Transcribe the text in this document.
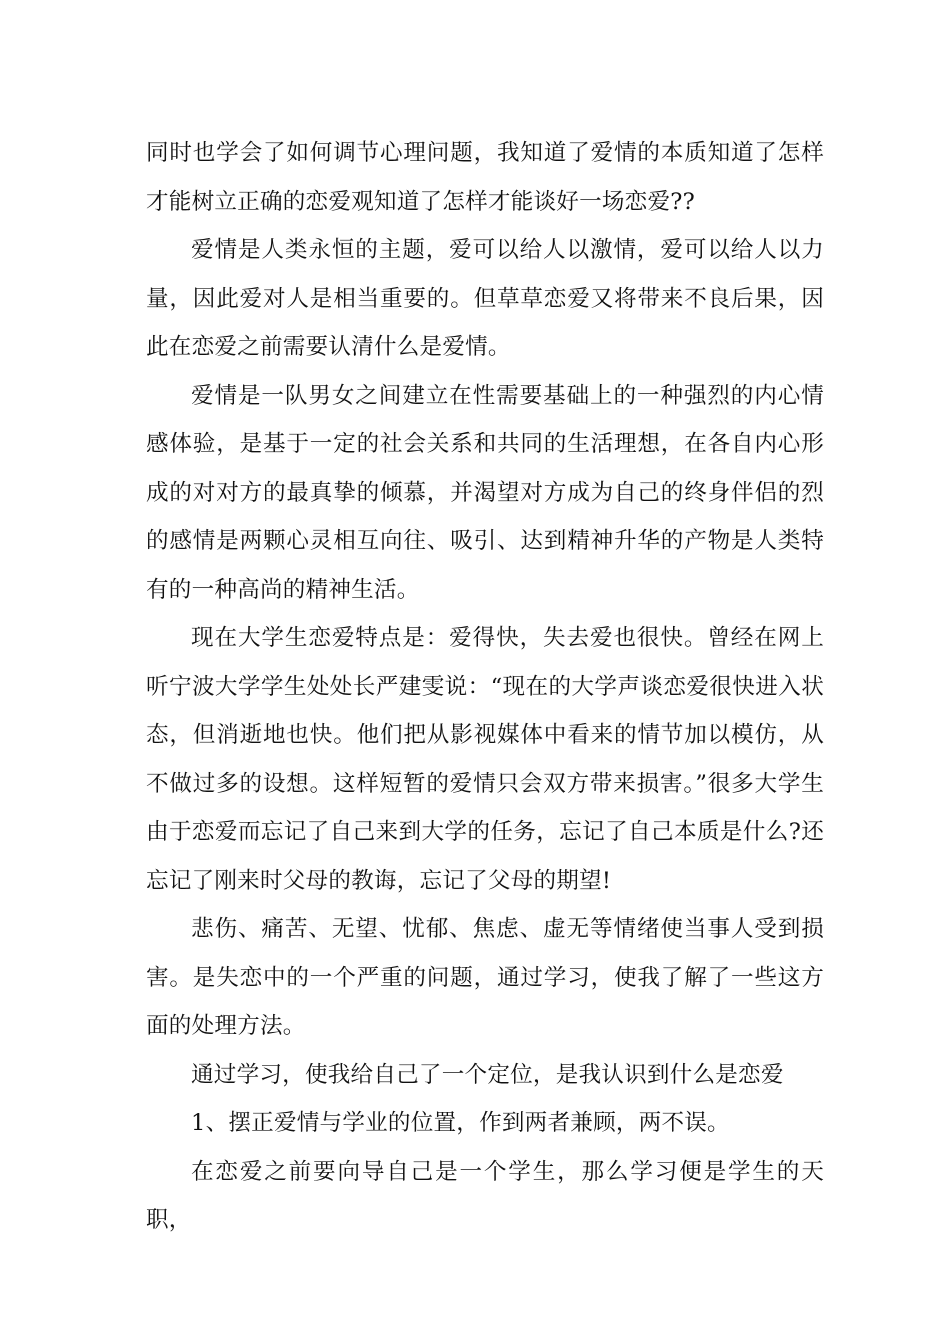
同时也学会了如何调节心理问题，我知道了爱情的本质知道了怎样才能树立正确的恋爱观知道了怎样才能谈好一场恋爱??

爱情是人类永恒的主题，爱可以给人以激情，爱可以给人以力量，因此爱对人是相当重要的。但草草恋爱又将带来不良后果，因此在恋爱之前需要认清什么是爱情。

爱情是一队男女之间建立在性需要基础上的一种强烈的内心情感体验，是基于一定的社会关系和共同的生活理想，在各自内心形成的对对方的最真挚的倾慕，并渴望对方成为自己的终身伴侣的烈的感情是两颗心灵相互向往、吸引、达到精神升华的产物是人类特有的一种高尚的精神生活。

现在大学生恋爱特点是：爱得快，失去爱也很快。曾经在网上听宁波大学学生处处长严建雯说：“现在的大学声谈恋爱很快进入状态，但消逝地也快。他们把从影视媒体中看来的情节加以模仿，从不做过多的设想。这样短暂的爱情只会双方带来损害。”很多大学生由于恋爱而忘记了自己来到大学的任务，忘记了自己本质是什么?还忘记了刚来时父母的教诲，忘记了父母的期望!

悲伤、痛苦、无望、忧郁、焦虑、虚无等情绪使当事人受到损害。是失恋中的一个严重的问题，通过学习，使我了解了一些这方面的处理方法。

通过学习，使我给自己了一个定位，是我认识到什么是恋爱

1、摆正爱情与学业的位置，作到两者兼顾，两不误。

在恋爱之前要向导自己是一个学生，那么学习便是学生的天职，
